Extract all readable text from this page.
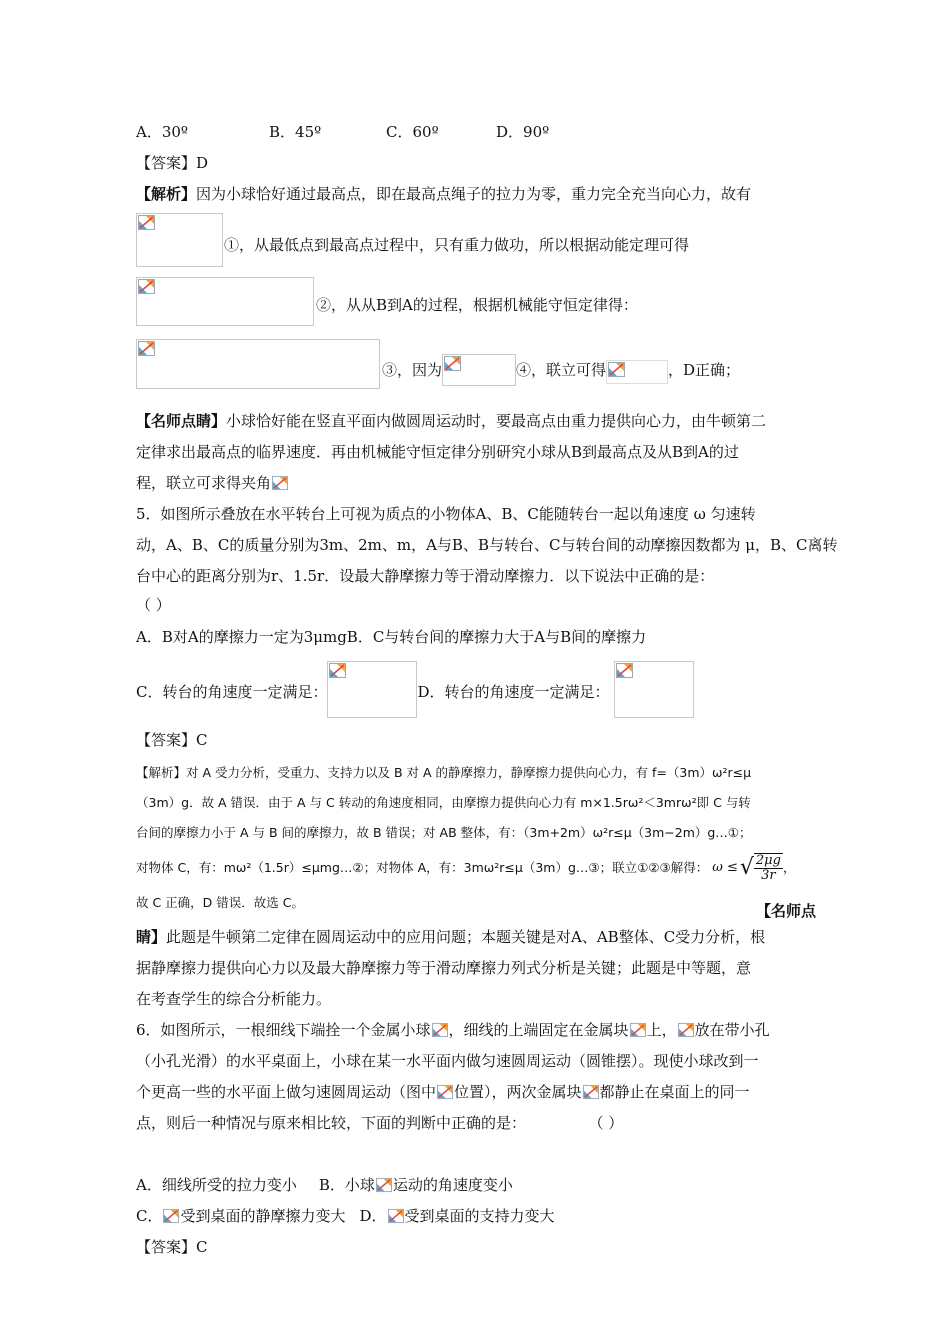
A．30º	B．45º	C．60º	D．90º
【答案】D
【解析】因为小球恰好通过最高点，即在最高点绳子的拉力为零，重力完全充当向心力，故有
①，从最低点到最高点过程中，只有重力做功，所以根据动能定理可得
②，从从B到A的过程，根据机械能守恒定律得：
③，因为	④，联立可得	，D正确；
【名师点睛】小球恰好能在竖直平面内做圆周运动时，要最高点由重力提供向心力，由牛顿第二
定律求出最高点的临界速度．再由机械能守恒定律分别研究小球从B到最高点及从B到A的过
程，联立可求得夹角
5．如图所示叠放在水平转台上可视为质点的小物体A、B、C能随转台一起以角速度 ω 匀速转
动，A、B、C的质量分别为3m、2m、m，A与B、B与转台、C与转台间的动摩擦因数都为 μ，B、C离转
台中心的距离分别为r、1.5r．设最大静摩擦力等于滑动摩擦力．以下说法中正确的是：
（ ）
A．B对A的摩擦力一定为3μmgB．C与转台间的摩擦力大于A与B间的摩擦力
C．转台的角速度一定满足：	D．转台的角速度一定满足：
【答案】C
【解析】对 A 受力分析，受重力、支持力以及 B 对 A 的静摩擦力，静摩擦力提供向心力，有 f=（3m）ω²r≤μ
（3m）g．故 A 错误．由于 A 与 C 转动的角速度相同，由摩擦力提供向心力有 m×1.5rω²＜3mrω²即 C 与转
台间的摩擦力小于 A 与 B 间的摩擦力，故 B 错误；对 AB 整体，有：（3m+2m）ω²r≤μ（3m−2m）g…①；
对物体 C，有：mω²（1.5r）≤μmg…②；对物体 A，有：3mω²r≤μ（3m）g…③；联立①②③解得： ω ≤ √ $\frac{2\mu g}{3r}$ ，
故 C 正确，D 错误．故选 C。	【名师点
睛】此题是牛顿第二定律在圆周运动中的应用问题；本题关键是对A、AB整体、C受力分析，根
据静摩擦力提供向心力以及最大静摩擦力等于滑动摩擦力列式分析是关键；此题是中等题，意
在考查学生的综合分析能力。
6．如图所示，一根细线下端拴一个金属小球 ，细线的上端固定在金属块 上， 放在带小孔
（小孔光滑）的水平桌面上，小球在某一水平面内做匀速圆周运动（圆锥摆）。现使小球改到一
个更高一些的水平面上做匀速圆周运动（图中 位置），两次金属块 都静止在桌面上的同一
点，则后一种情况与原来相比较，下面的判断中正确的是：	（ ）
A．细线所受的拉力变小 B．小球 运动的角速度变小
C． 受到桌面的静摩擦力变大 D． 受到桌面的支持力变大
【答案】C
